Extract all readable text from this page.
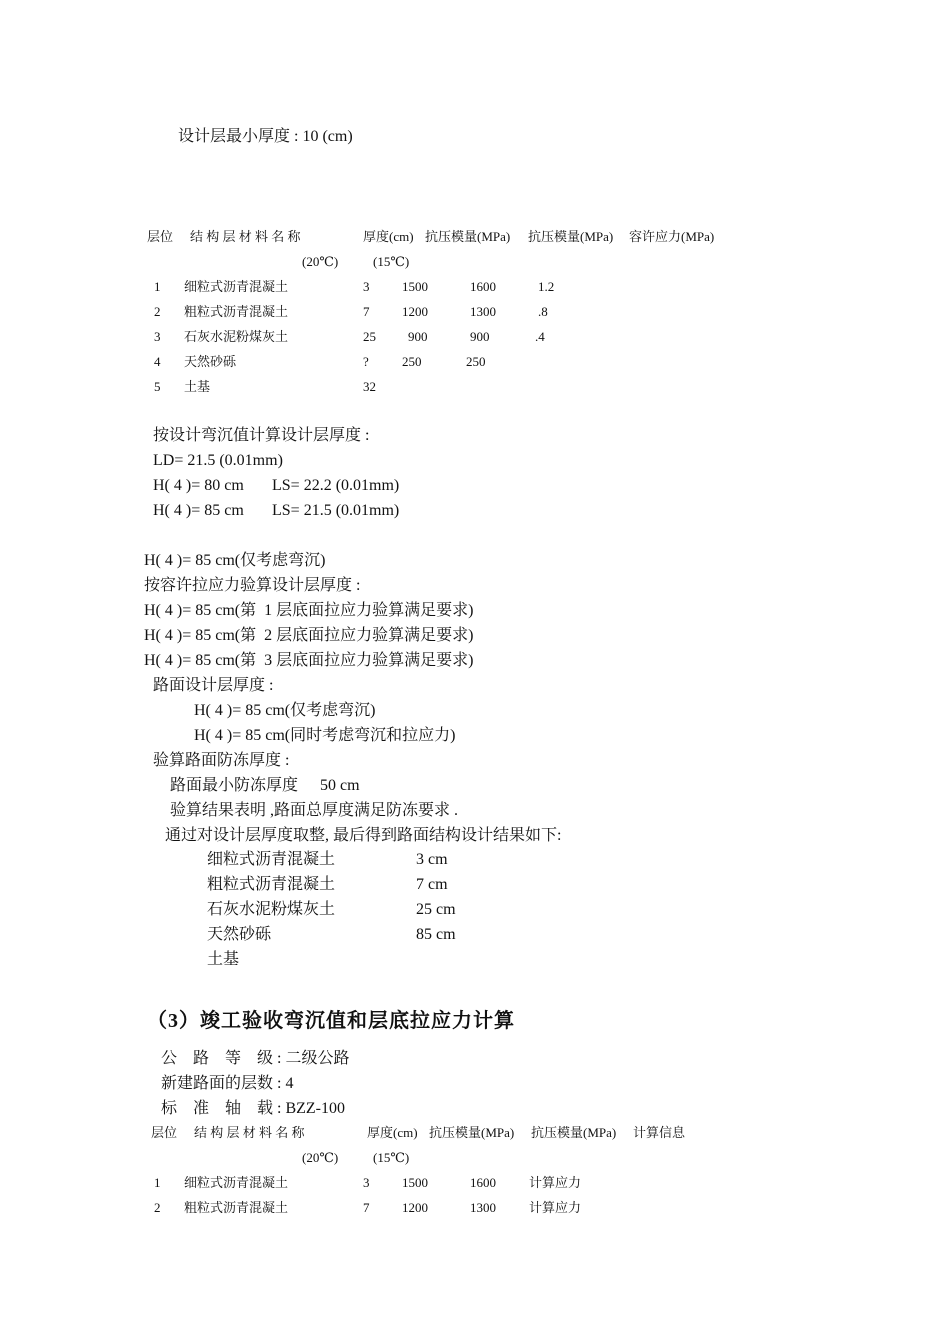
设计层最小厚度 : 10 (cm)
层位 结 构 层 材 料 名 称	厚度(cm) 抗压模量(MPa) 抗压模量(MPa) 容许应力(MPa)
(20℃)	(15℃)
1 细粒式沥青混凝土	3	1500	1600	1.2
2 粗粒式沥青混凝土	7	1200	1300	.8
3 石灰水泥粉煤灰土	25 900	900	.4
4 天然砂砾	?	250	250
5 土基	32
按设计弯沉值计算设计层厚度 :
LD= 21.5 (0.01mm)
H( 4 )= 80 cm LS= 22.2 (0.01mm)
H( 4 )= 85 cm LS= 21.5 (0.01mm)
H( 4 )= 85 cm(仅考虑弯沉)
按容许拉应力验算设计层厚度 :
H( 4 )= 85 cm(第  1 层底面拉应力验算满足要求)
H( 4 )= 85 cm(第  2 层底面拉应力验算满足要求)
H( 4 )= 85 cm(第  3 层底面拉应力验算满足要求)
路面设计层厚度 :
H( 4 )= 85 cm(仅考虑弯沉)
H( 4 )= 85 cm(同时考虑弯沉和拉应力)
验算路面防冻厚度 :
路面最小防冻厚度 50 cm
验算结果表明 ,路面总厚度满足防冻要求 .
通过对设计层厚度取整, 最后得到路面结构设计结果如下:
细粒式沥青混凝土	3 cm
粗粒式沥青混凝土	7 cm
石灰水泥粉煤灰土	25 cm
天然砂砾	85 cm
土基
（3）竣工验收弯沉值和层底拉应力计算
公    路    等    级 : 二级公路
新建路面的层数 : 4
标    准    轴    载 : BZZ-100
层位 结 构 层 材 料 名 称	厚度(cm) 抗压模量(MPa) 抗压模量(MPa) 计算信息
(20℃)	(15℃)
1 细粒式沥青混凝土	3	1500	1600	计算应力
2 粗粒式沥青混凝土	7	1200	1300	计算应力
